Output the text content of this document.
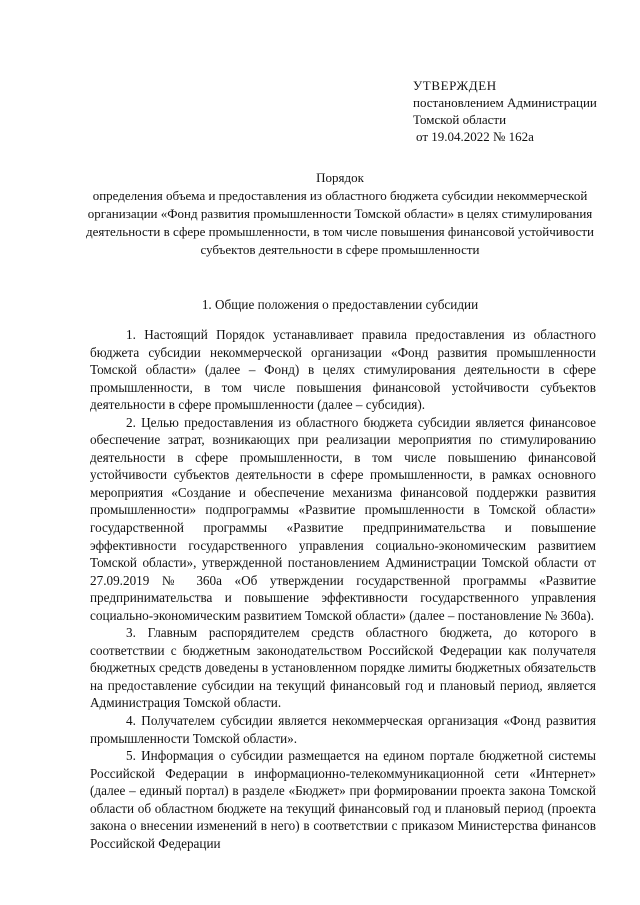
УТВЕРЖДЕН
постановлением Администрации
Томской области
от 19.04.2022 № 162а
Порядок
определения объема и предоставления из областного бюджета субсидии некоммерческой организации «Фонд развития промышленности Томской области» в целях стимулирования деятельности в сфере промышленности, в том числе повышения финансовой устойчивости субъектов деятельности в сфере промышленности
1. Общие положения о предоставлении субсидии

1. Настоящий Порядок устанавливает правила предоставления из областного бюджета субсидии некоммерческой организации «Фонд развития промышленности Томской области» (далее – Фонд) в целях стимулирования деятельности в сфере промышленности, в том числе повышения финансовой устойчивости субъектов деятельности в сфере промышленности (далее – субсидия).

2. Целью предоставления из областного бюджета субсидии является финансовое обеспечение затрат, возникающих при реализации мероприятия по стимулированию деятельности в сфере промышленности, в том числе повышению финансовой устойчивости субъектов деятельности в сфере промышленности, в рамках основного мероприятия «Создание и обеспечение механизма финансовой поддержки развития промышленности» подпрограммы «Развитие промышленности в Томской области» государственной программы «Развитие предпринимательства и повышение эффективности государственного управления социально-экономическим развитием Томской области», утвержденной постановлением Администрации Томской области от 27.09.2019 № 360а «Об утверждении государственной программы «Развитие предпринимательства и повышение эффективности государственного управления социально-экономическим развитием Томской области» (далее – постановление № 360а).

3. Главным распорядителем средств областного бюджета, до которого в соответствии с бюджетным законодательством Российской Федерации как получателя бюджетных средств доведены в установленном порядке лимиты бюджетных обязательств на предоставление субсидии на текущий финансовый год и плановый период, является Администрация Томской области.

4. Получателем субсидии является некоммерческая организация «Фонд развития промышленности Томской области».

5. Информация о субсидии размещается на едином портале бюджетной системы Российской Федерации в информационно-телекоммуникационной сети «Интернет» (далее – единый портал) в разделе «Бюджет» при формировании проекта закона Томской области об областном бюджете на текущий финансовый год и плановый период (проекта закона о внесении изменений в него) в соответствии с приказом Министерства финансов Российской Федерации
